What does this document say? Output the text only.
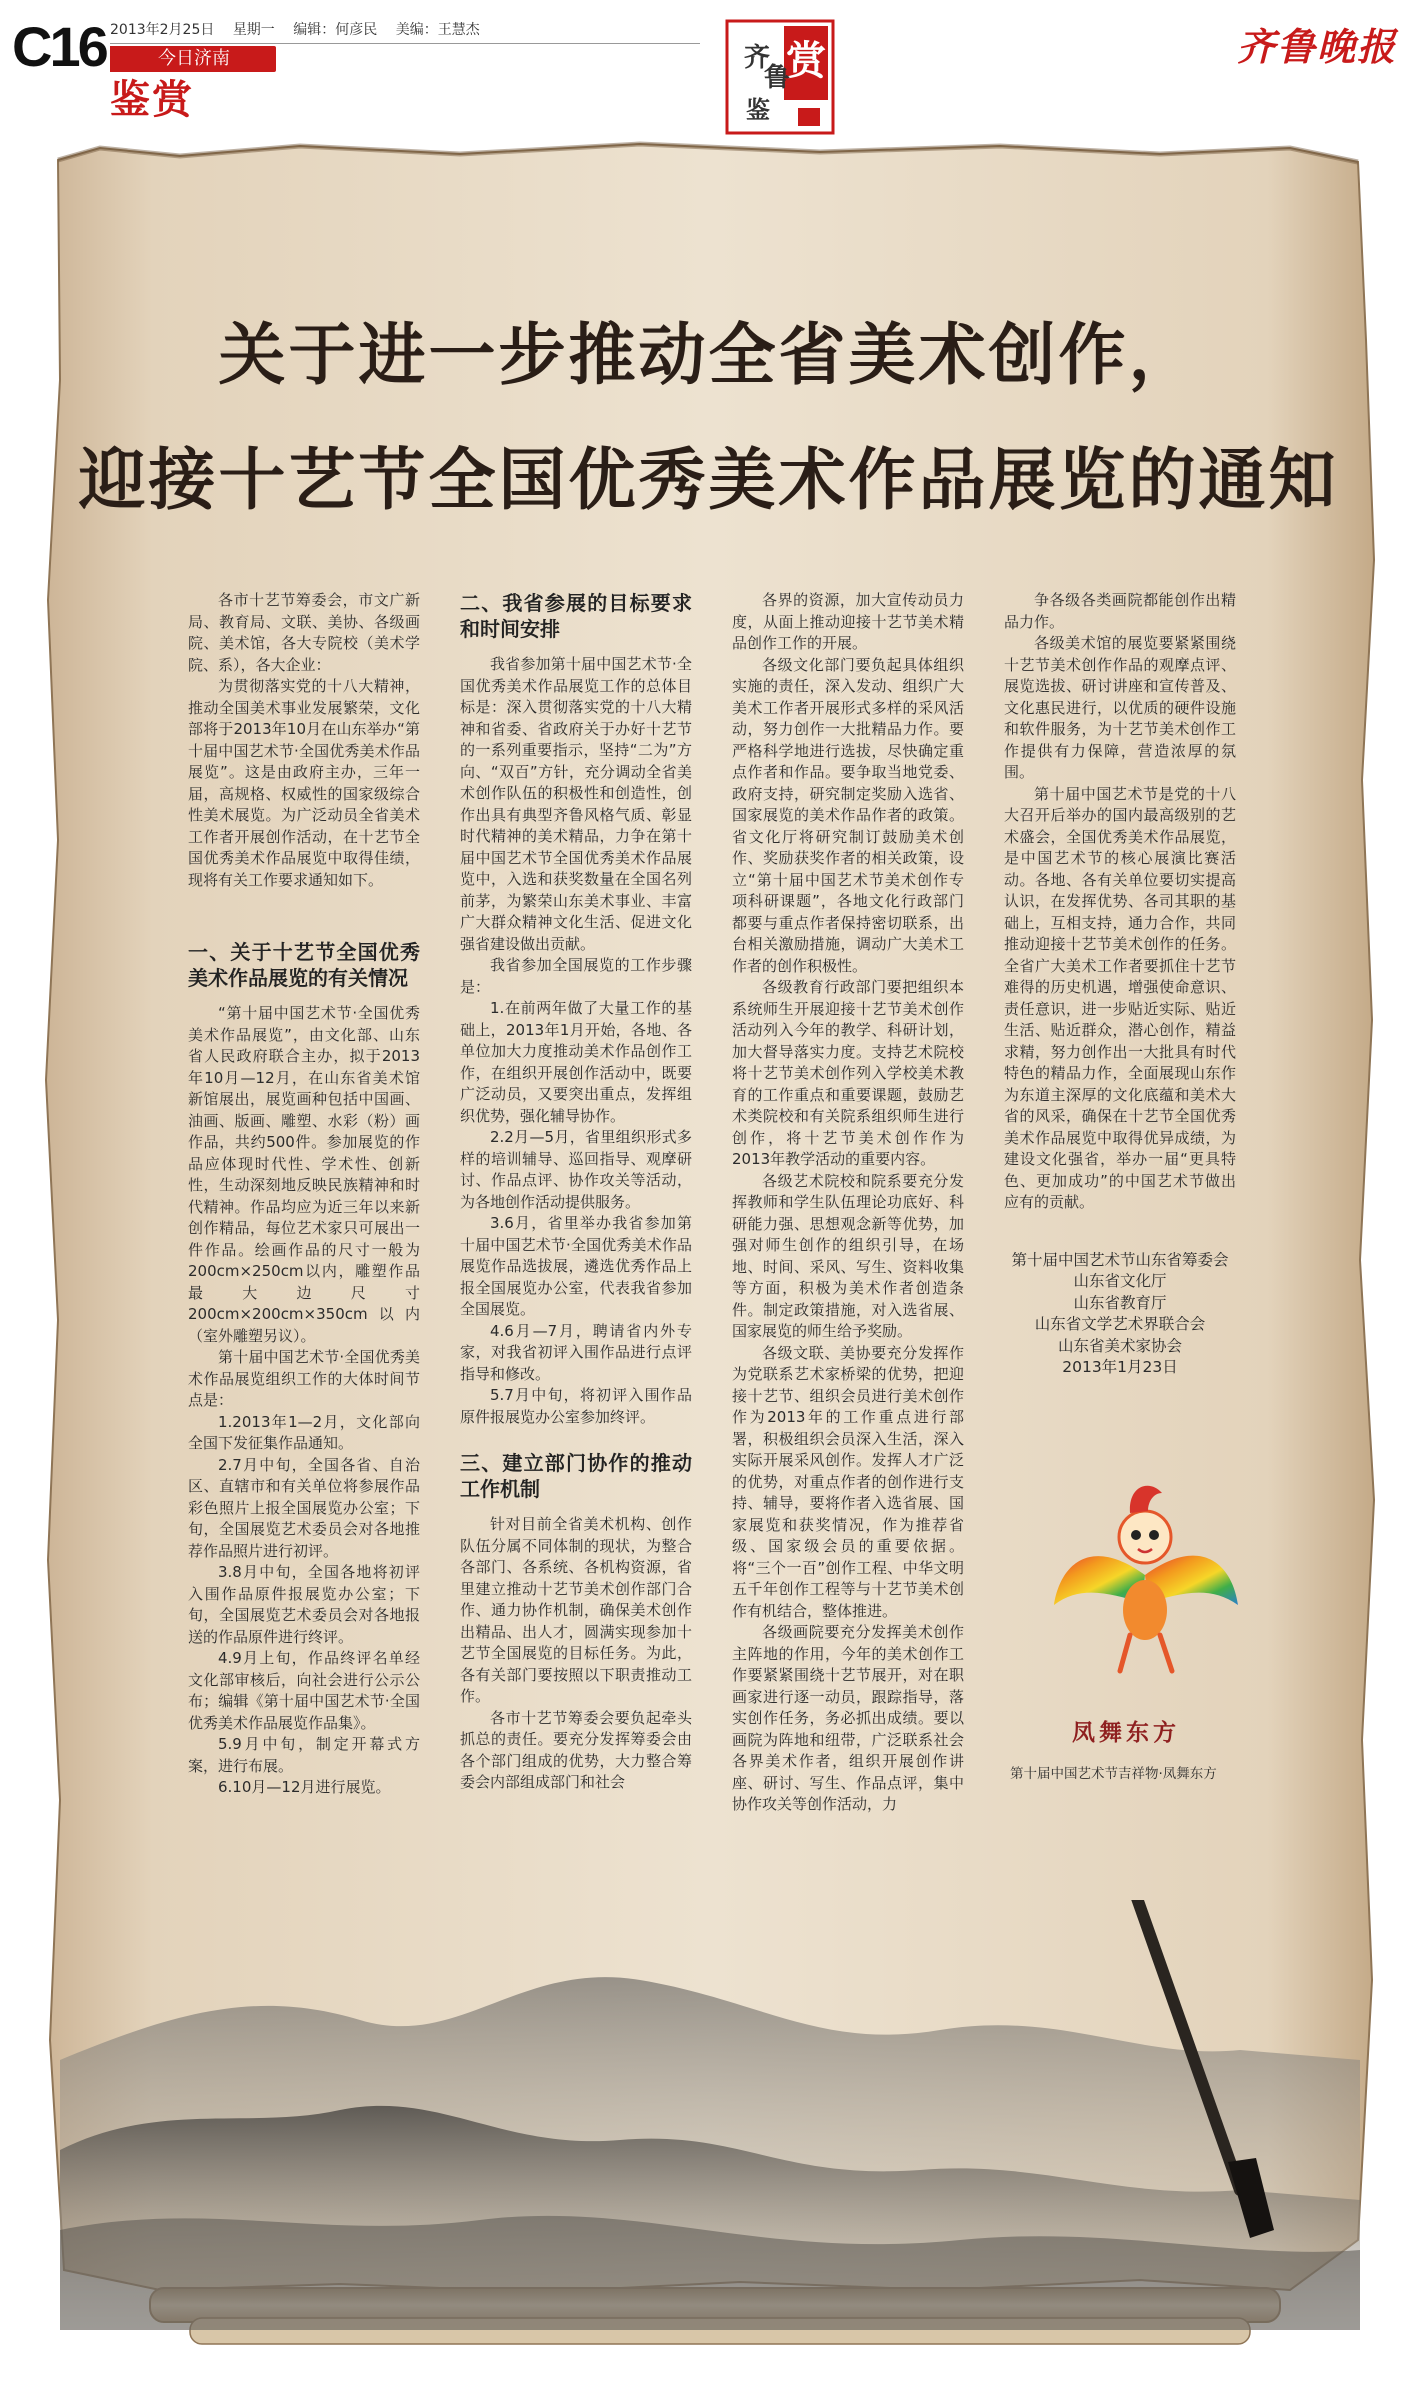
C16 2013年2月25日 星期一 编辑：何彦民 美编：王慧杰
今日济南
鉴赏
赏
齐
鲁
鉴
齐鲁晚报
关于进一步推动全省美术创作，
迎接十艺节全国优秀美术作品展览的通知

各市十艺节筹委会，市文广新局、教育局、文联、美协、各级画院、美术馆，各大专院校（美术学院、系），各大企业：

为贯彻落实党的十八大精神，推动全国美术事业发展繁荣，文化部将于2013年10月在山东举办“第十届中国艺术节·全国优秀美术作品展览”。这是由政府主办，三年一届，高规格、权威性的国家级综合性美术展览。为广泛动员全省美术工作者开展创作活动，在十艺节全国优秀美术作品展览中取得佳绩，现将有关工作要求通知如下。

一、关于十艺节全国优秀美术作品展览的有关情况

“第十届中国艺术节·全国优秀美术作品展览”，由文化部、山东省人民政府联合主办，拟于2013年10月—12月，在山东省美术馆新馆展出，展览画种包括中国画、油画、版画、雕塑、水彩（粉）画作品，共约500件。参加展览的作品应体现时代性、学术性、创新性，生动深刻地反映民族精神和时代精神。作品均应为近三年以来新创作精品，每位艺术家只可展出一件作品。绘画作品的尺寸一般为200cm×250cm以内，雕塑作品最大边尺寸200cm×200cm×350cm以内（室外雕塑另议）。

第十届中国艺术节·全国优秀美术作品展览组织工作的大体时间节点是：

1.2013年1—2月，文化部向全国下发征集作品通知。

2.7月中旬，全国各省、自治区、直辖市和有关单位将参展作品彩色照片上报全国展览办公室；下旬，全国展览艺术委员会对各地推荐作品照片进行初评。

3.8月中旬，全国各地将初评入围作品原件报展览办公室；下旬，全国展览艺术委员会对各地报送的作品原件进行终评。

4.9月上旬，作品终评名单经文化部审核后，向社会进行公示公布；编辑《第十届中国艺术节·全国优秀美术作品展览作品集》。

5.9月中旬，制定开幕式方案，进行布展。

6.10月—12月进行展览。

二、我省参展的目标要求和时间安排

我省参加第十届中国艺术节·全国优秀美术作品展览工作的总体目标是：深入贯彻落实党的十八大精神和省委、省政府关于办好十艺节的一系列重要指示，坚持“二为”方向、“双百”方针，充分调动全省美术创作队伍的积极性和创造性，创作出具有典型齐鲁风格气质、彰显时代精神的美术精品，力争在第十届中国艺术节全国优秀美术作品展览中，入选和获奖数量在全国名列前茅，为繁荣山东美术事业、丰富广大群众精神文化生活、促进文化强省建设做出贡献。

我省参加全国展览的工作步骤是：

1.在前两年做了大量工作的基础上，2013年1月开始，各地、各单位加大力度推动美术作品创作工作，在组织开展创作活动中，既要广泛动员，又要突出重点，发挥组织优势，强化辅导协作。

2.2月—5月，省里组织形式多样的培训辅导、巡回指导、观摩研讨、作品点评、协作攻关等活动，为各地创作活动提供服务。

3.6月，省里举办我省参加第十届中国艺术节·全国优秀美术作品展览作品选拔展，遴选优秀作品上报全国展览办公室，代表我省参加全国展览。

4.6月—7月，聘请省内外专家，对我省初评入围作品进行点评指导和修改。

5.7月中旬，将初评入围作品原件报展览办公室参加终评。

三、建立部门协作的推动工作机制

针对目前全省美术机构、创作队伍分属不同体制的现状，为整合各部门、各系统、各机构资源，省里建立推动十艺节美术创作部门合作、通力协作机制，确保美术创作出精品、出人才，圆满实现参加十艺节全国展览的目标任务。为此，各有关部门要按照以下职责推动工作。

各市十艺节筹委会要负起牵头抓总的责任。要充分发挥筹委会由各个部门组成的优势，大力整合筹委会内部组成部门和社会

各界的资源，加大宣传动员力度，从面上推动迎接十艺节美术精品创作工作的开展。

各级文化部门要负起具体组织实施的责任，深入发动、组织广大美术工作者开展形式多样的采风活动，努力创作一大批精品力作。要严格科学地进行选拔，尽快确定重点作者和作品。要争取当地党委、政府支持，研究制定奖励入选省、国家展览的美术作品作者的政策。省文化厅将研究制订鼓励美术创作、奖励获奖作者的相关政策，设立“第十届中国艺术节美术创作专项科研课题”，各地文化行政部门都要与重点作者保持密切联系，出台相关激励措施，调动广大美术工作者的创作积极性。

各级教育行政部门要把组织本系统师生开展迎接十艺节美术创作活动列入今年的教学、科研计划，加大督导落实力度。支持艺术院校将十艺节美术创作列入学校美术教育的工作重点和重要课题，鼓励艺术类院校和有关院系组织师生进行创作，将十艺节美术创作作为2013年教学活动的重要内容。

各级艺术院校和院系要充分发挥教师和学生队伍理论功底好、科研能力强、思想观念新等优势，加强对师生创作的组织引导，在场地、时间、采风、写生、资料收集等方面，积极为美术作者创造条件。制定政策措施，对入选省展、国家展览的师生给予奖励。

各级文联、美协要充分发挥作为党联系艺术家桥梁的优势，把迎接十艺节、组织会员进行美术创作作为2013年的工作重点进行部署，积极组织会员深入生活，深入实际开展采风创作。发挥人才广泛的优势，对重点作者的创作进行支持、辅导，要将作者入选省展、国家展览和获奖情况，作为推荐省级、国家级会员的重要依据。将“三个一百”创作工程、中华文明五千年创作工程等与十艺节美术创作有机结合，整体推进。

各级画院要充分发挥美术创作主阵地的作用，今年的美术创作工作要紧紧围绕十艺节展开，对在职画家进行逐一动员，跟踪指导，落实创作任务，务必抓出成绩。要以画院为阵地和纽带，广泛联系社会各界美术作者，组织开展创作讲座、研讨、写生、作品点评，集中协作攻关等创作活动，力

争各级各类画院都能创作出精品力作。

各级美术馆的展览要紧紧围绕十艺节美术创作作品的观摩点评、展览选拔、研讨讲座和宣传普及、文化惠民进行，以优质的硬件设施和软件服务，为十艺节美术创作工作提供有力保障，营造浓厚的氛围。

第十届中国艺术节是党的十八大召开后举办的国内最高级别的艺术盛会，全国优秀美术作品展览，是中国艺术节的核心展演比赛活动。各地、各有关单位要切实提高认识，在发挥优势、各司其职的基础上，互相支持，通力合作，共同推动迎接十艺节美术创作的任务。全省广大美术工作者要抓住十艺节难得的历史机遇，增强使命意识、责任意识，进一步贴近实际、贴近生活、贴近群众，潜心创作，精益求精，努力创作出一大批具有时代特色的精品力作，全面展现山东作为东道主深厚的文化底蕴和美术大省的风采，确保在十艺节全国优秀美术作品展览中取得优异成绩，为建设文化强省，举办一届“更具特色、更加成功”的中国艺术节做出应有的贡献。

第十届中国艺术节山东省筹委会

山东省文化厅

山东省教育厅

山东省文学艺术界联合会

山东省美术家协会

2013年1月23日

凤舞东方
第十届中国艺术节吉祥物·凤舞东方
